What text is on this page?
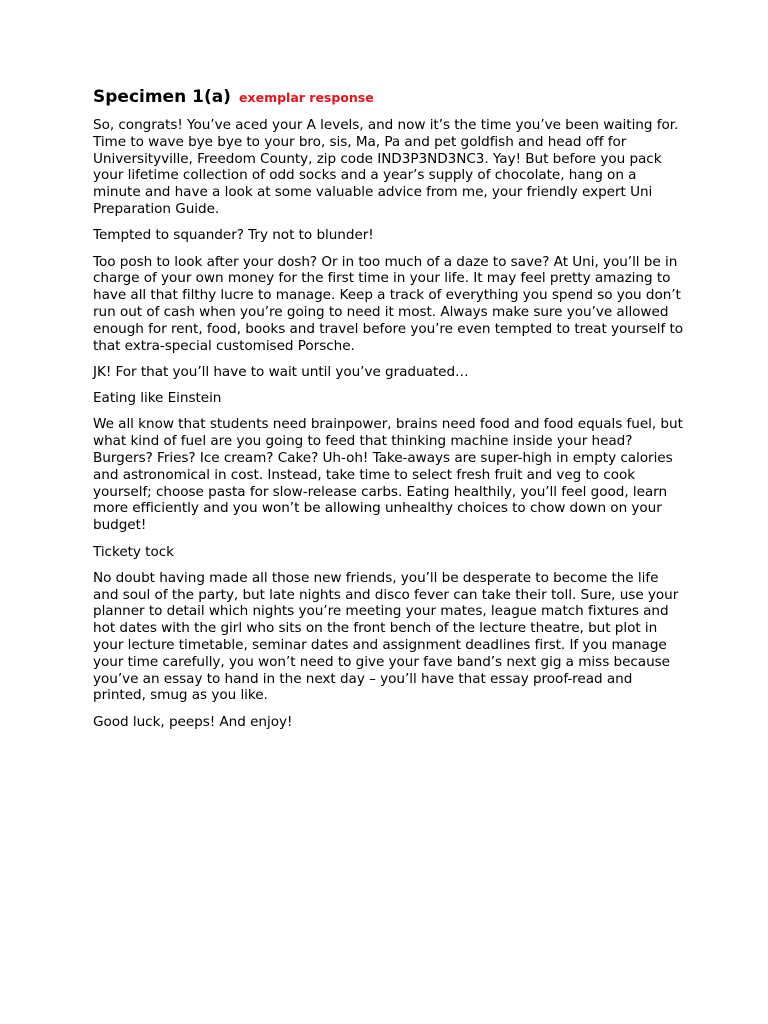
Specimen 1(a) exemplar response

So, congrats! You’ve aced your A levels, and now it’s the time you’ve been waiting for. Time to wave bye bye to your bro, sis, Ma, Pa and pet goldfish and head off for Universityville, Freedom County, zip code IND3P3ND3NC3. Yay! But before you pack your lifetime collection of odd socks and a year’s supply of chocolate, hang on a minute and have a look at some valuable advice from me, your friendly expert Uni Preparation Guide.

Tempted to squander? Try not to blunder!

Too posh to look after your dosh? Or in too much of a daze to save? At Uni, you’ll be in charge of your own money for the first time in your life. It may feel pretty amazing to have all that filthy lucre to manage. Keep a track of everything you spend so you don’t run out of cash when you’re going to need it most. Always make sure you’ve allowed enough for rent, food, books and travel before you’re even tempted to treat yourself to that extra-special customised Porsche.

JK! For that you’ll have to wait until you’ve graduated…

Eating like Einstein

We all know that students need brainpower, brains need food and food equals fuel, but what kind of fuel are you going to feed that thinking machine inside your head? Burgers? Fries? Ice cream? Cake? Uh-oh! Take-aways are super-high in empty calories and astronomical in cost. Instead, take time to select fresh fruit and veg to cook yourself; choose pasta for slow-release carbs. Eating healthily, you’ll feel good, learn more efficiently and you won’t be allowing unhealthy choices to chow down on your budget!

Tickety tock

No doubt having made all those new friends, you’ll be desperate to become the life and soul of the party, but late nights and disco fever can take their toll. Sure, use your planner to detail which nights you’re meeting your mates, league match fixtures and hot dates with the girl who sits on the front bench of the lecture theatre, but plot in your lecture timetable, seminar dates and assignment deadlines first. If you manage your time carefully, you won’t need to give your fave band’s next gig a miss because you’ve an essay to hand in the next day – you’ll have that essay proof-read and printed, smug as you like.

Good luck, peeps! And enjoy!
